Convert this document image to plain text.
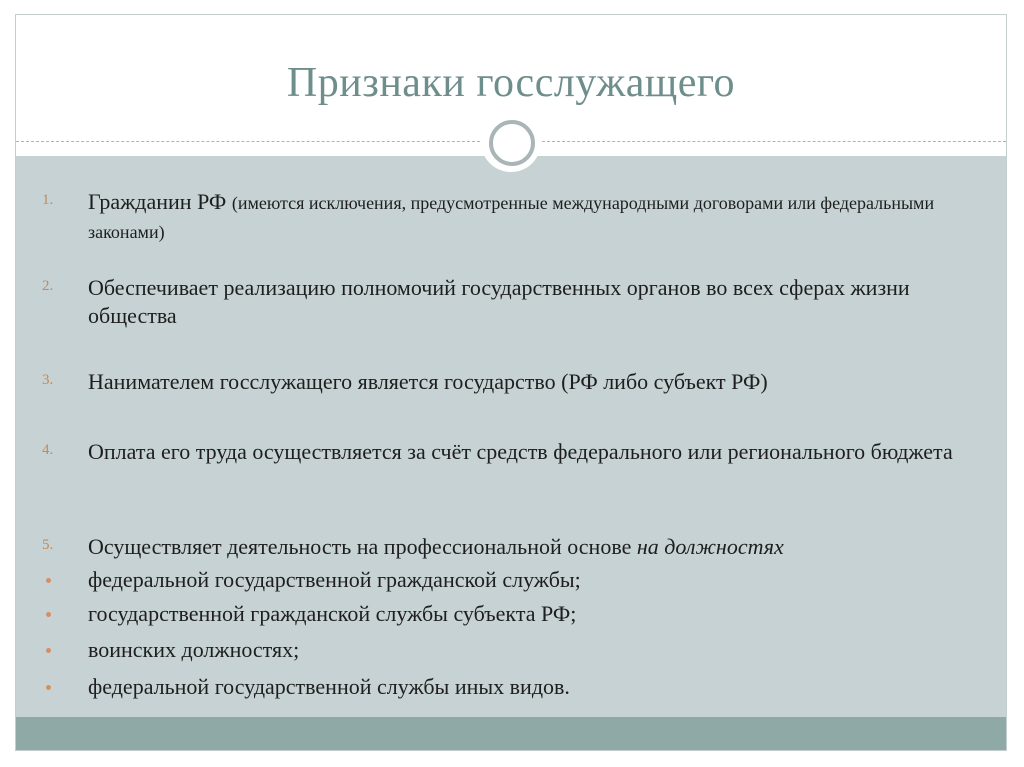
Признаки госслужащего
1. Гражданин РФ (имеются исключения, предусмотренные международными договорами или федеральными законами)
2. Обеспечивает реализацию полномочий государственных органов во всех сферах жизни общества
3. Нанимателем госслужащего является государство (РФ либо субъект РФ)
4. Оплата его труда осуществляется за счёт средств федерального или регионального бюджета
5. Осуществляет деятельность на профессиональной основе на должностях
федеральной государственной гражданской службы;
государственной гражданской службы субъекта РФ;
воинских должностях;
федеральной государственной службы иных видов.
